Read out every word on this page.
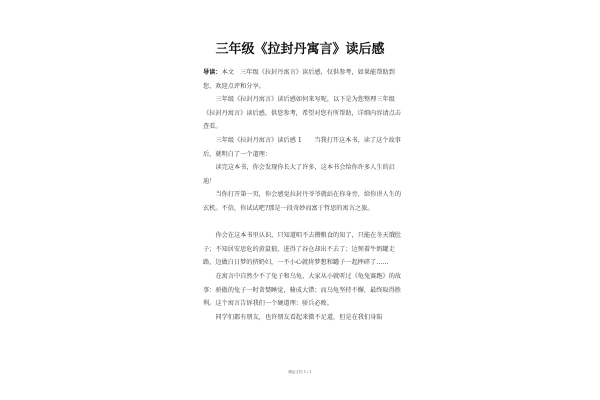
三年级《拉封丹寓言》读后感

导读：本文　三年级《拉封丹寓言》读后感，仅供参考，如果能帮助到您，欢迎点评和分享。

三年级《拉封丹寓言》读后感如何来写呢，以下是为您整理三年级《拉封丹寓言》读后感，供您参考，希望对您有所帮助，详细内容请点击查看。

三年级《拉封丹寓言》读后感 1　　当我打开这本书，读了这个故事后，就明白了一个道理：

读完这本书，你会发现你长大了许多，这本书会给你许多人生的启迪！

当你打开第一页，你会感觉拉封丹爷爷就站在你身旁，给你讲人生的玄机。不信，你试试吧?那是一段奇妙而富于哲思的寓言之旅。

你会在这本书里认识，只知道唱不去攒粮食的知了，只能在冬天饿肚子；不知居安思危的黄鼠狼，进得了谷仓却出不去了；边预着牛奶罐走路，边做白日梦的挤奶妇，一不小心就将梦想和罐子一起摔碎了……

在寓言中自然少不了兔子和乌龟，大家从小就听过《龟兔赛跑》的故事：骄傲的兔子一时贪婪睡觉，骑成大错；而乌龟坚持不懈，最终取得胜利。这个寓言告诉我们一个硬道理：骄兵必败。

同学们都有朋友，也许朋友看起来微不足道，但是在我们身陷

精品文档 1 / 1
